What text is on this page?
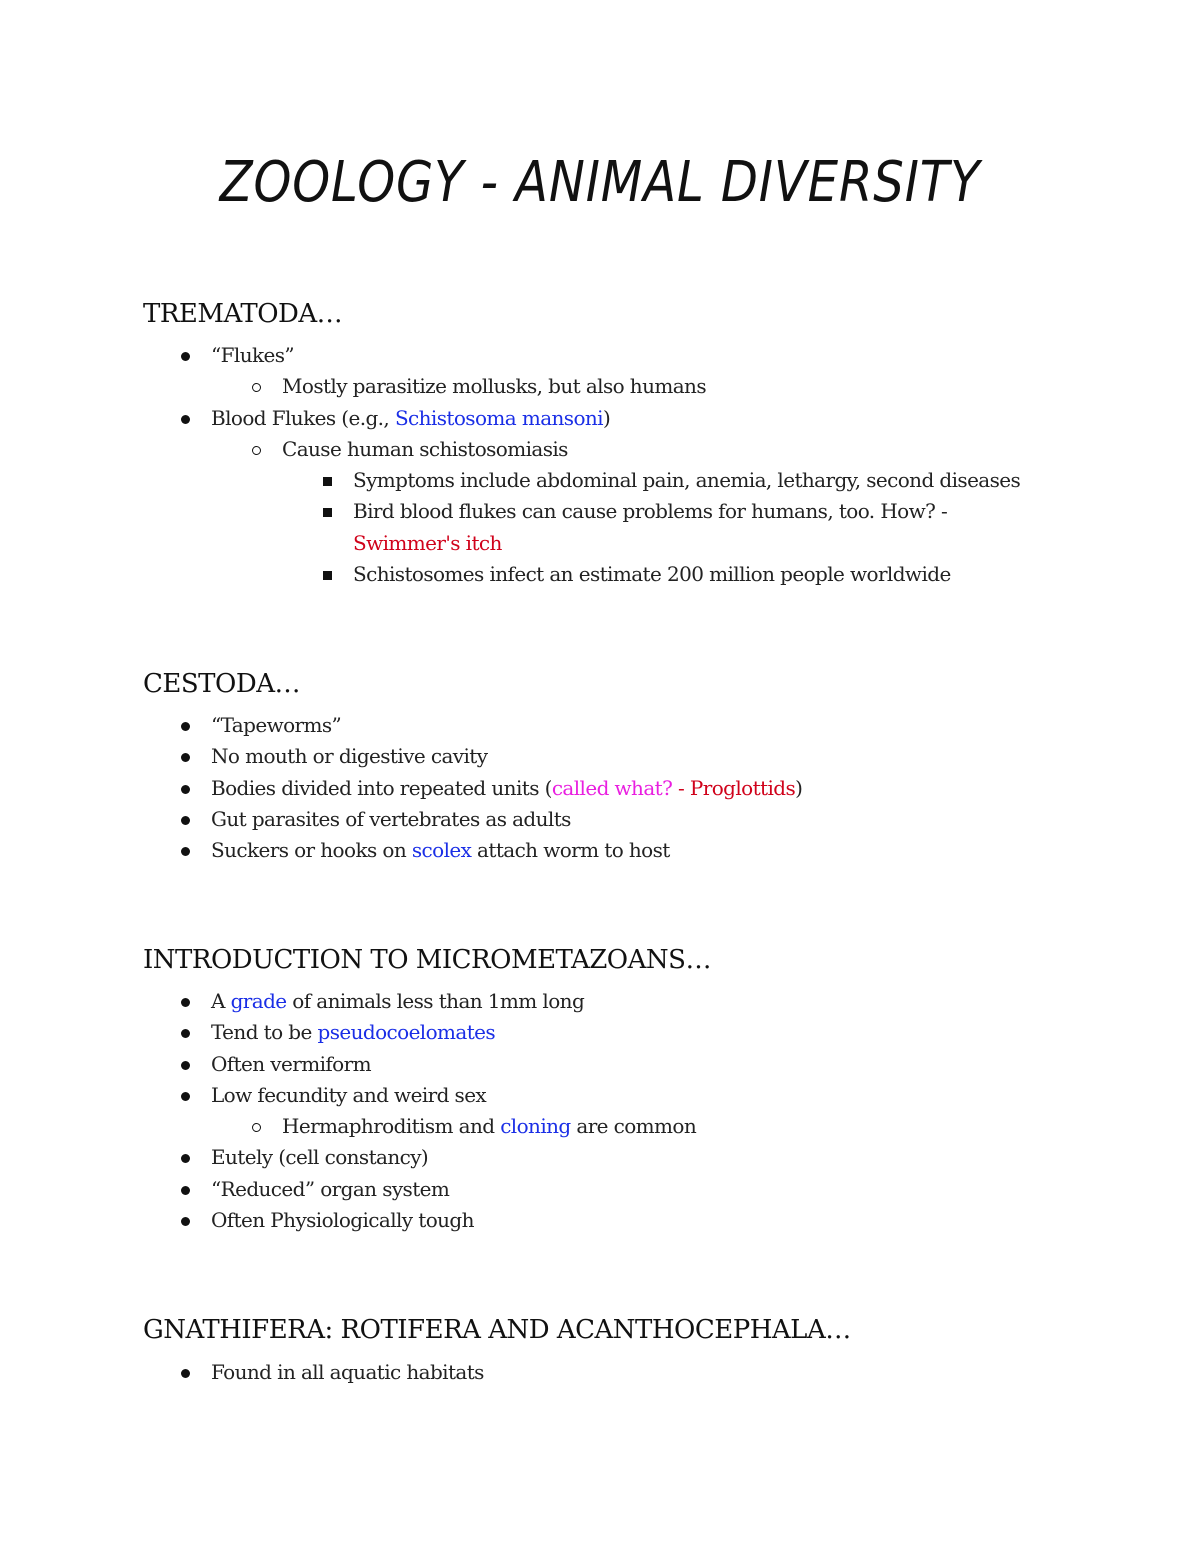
ZOOLOGY - ANIMAL DIVERSITY
TREMATODA…
“Flukes”
Mostly parasitize mollusks, but also humans
Blood Flukes (e.g., Schistosoma mansoni)
Cause human schistosomiasis
Symptoms include abdominal pain, anemia, lethargy, second diseases
Bird blood flukes can cause problems for humans, too. How? -
Swimmer's itch
Schistosomes infect an estimate 200 million people worldwide
CESTODA…
“Tapeworms”
No mouth or digestive cavity
Bodies divided into repeated units (called what? - Proglottids)
Gut parasites of vertebrates as adults
Suckers or hooks on scolex attach worm to host
INTRODUCTION TO MICROMETAZOANS…
A grade of animals less than 1mm long
Tend to be pseudocoelomates
Often vermiform
Low fecundity and weird sex
Hermaphroditism and cloning are common
Eutely (cell constancy)
“Reduced” organ system
Often Physiologically tough
GNATHIFERA: ROTIFERA AND ACANTHOCEPHALA…
Found in all aquatic habitats
